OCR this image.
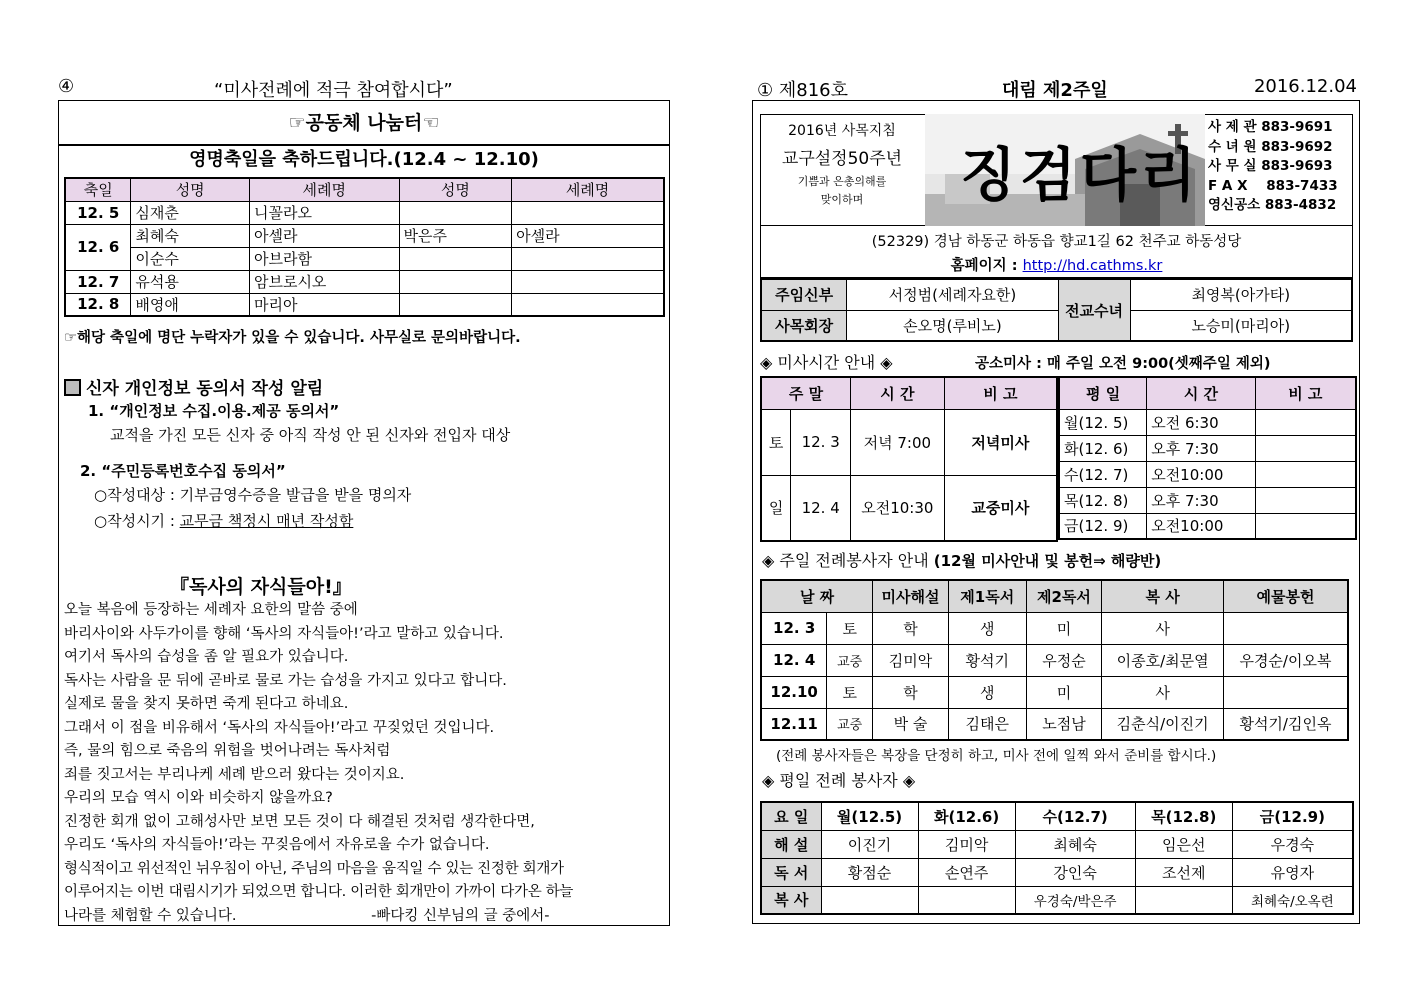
④	“미사전례에 적극 참여합시다”
☞공동체 나눔터☜
영명축일을 축하드립니다.(12.4 ~ 12.10)
축일	성명	세례명	성명	세례명
12. 5	심재춘	니꼴라오		
12. 6	최혜숙	아셀라	박은주	아셀라
	이순수	아브라함		
12. 7	유석용	암브로시오		
12. 8	배영애	마리아		
☞해당 축일에 명단 누락자가 있을 수 있습니다. 사무실로 문의바랍니다.
신자 개인정보 동의서 작성 알림
1. “개인정보 수집.이용.제공 동의서”
교적을 가진 모든 신자 중 아직 작성 안 된 신자와 전입자 대상
2. “주민등록번호수집 동의서”
○작성대상 : 기부금영수증을 발급을 받을 명의자
○작성시기 : 교무금 책정시 매년 작성함
『독사의 자식들아!』
오늘 복음에 등장하는 세례자 요한의 말씀 중에
바리사이와 사두가이를 향해 ‘독사의 자식들아!’라고 말하고 있습니다.
여기서 독사의 습성을 좀 알 필요가 있습니다.
독사는 사람을 문 뒤에 곧바로 물로 가는 습성을 가지고 있다고 합니다.
실제로 물을 찾지 못하면 죽게 된다고 하네요.
그래서 이 점을 비유해서 ‘독사의 자식들아!’라고 꾸짖었던 것입니다.
즉, 물의 힘으로 죽음의 위험을 벗어나려는 독사처럼
죄를 짓고서는 부리나케 세례 받으러 왔다는 것이지요.
우리의 모습 역시 이와 비슷하지 않을까요?
진정한 회개 없이 고해성사만 보면 모든 것이 다 해결된 것처럼 생각한다면,
우리도 ‘독사의 자식들아!’라는 꾸짖음에서 자유로울 수가 없습니다.
형식적이고 위선적인 뉘우침이 아닌, 주님의 마음을 움직일 수 있는 진정한 회개가
이루어지는 이번 대림시기가 되었으면 합니다. 이러한 회개만이 가까이 다가온 하늘
나라를 체험할 수 있습니다.	-빠다킹 신부님의 글 중에서-
① 제816호	대림 제2주일	2016.12.04
2016년 사목지침
교구설정50주년
기쁨과 은총의해를
맞이하며	징검다리
사 제 관 883-9691
수 녀 원 883-9692
사 무 실 883-9693
F A X    883-7433
영신공소 883-4832
(52329) 경남 하동군 하동읍 향교1길 62 천주교 하동성당
홈페이지 : http://hd.cathms.kr
주임신부	서정범(세례자요한)	전교수녀	최영복(아가타)
사목회장	손오명(루비노)		노승미(마리아)
◈ 미사시간 안내 ◈	공소미사 : 매 주일 오전 9:00(셋째주일 제외)
주 말		시 간	비 고
토	12. 3	저녁 7:00	저녁미사
일	12. 4	오전10:30	교중미사
평 일	시 간	비 고
월(12. 5)	오전 6:30	
화(12. 6)	오후 7:30	
수(12. 7)	오전10:00	
목(12. 8)	오후 7:30	
금(12. 9)	오전10:00	
◈ 주일 전례봉사자 안내 (12월 미사안내 및 봉헌⇒ 해량반)
날 짜		미사해설	제1독서	제2독서	복 사	예물봉헌
12. 3	토	학	생	미	사	
12. 4	교중	김미악	황석기	우정순	이종호/최문열	우경순/이오복
12.10	토	학	생	미	사	
12.11	교중	박 술	김태은	노점남	김춘식/이진기	황석기/김인옥
(전례 봉사자들은 복장을 단정히 하고, 미사 전에 일찍 와서 준비를 합시다.)
◈ 평일 전례 봉사자 ◈
요 일	월(12.5)	화(12.6)	수(12.7)	목(12.8)	금(12.9)
해 설	이진기	김미악	최혜숙	임은선	우경숙
독 서	황점순	손연주	강인숙	조선제	유영자
복 사			우경숙/박은주		최혜숙/오옥련
